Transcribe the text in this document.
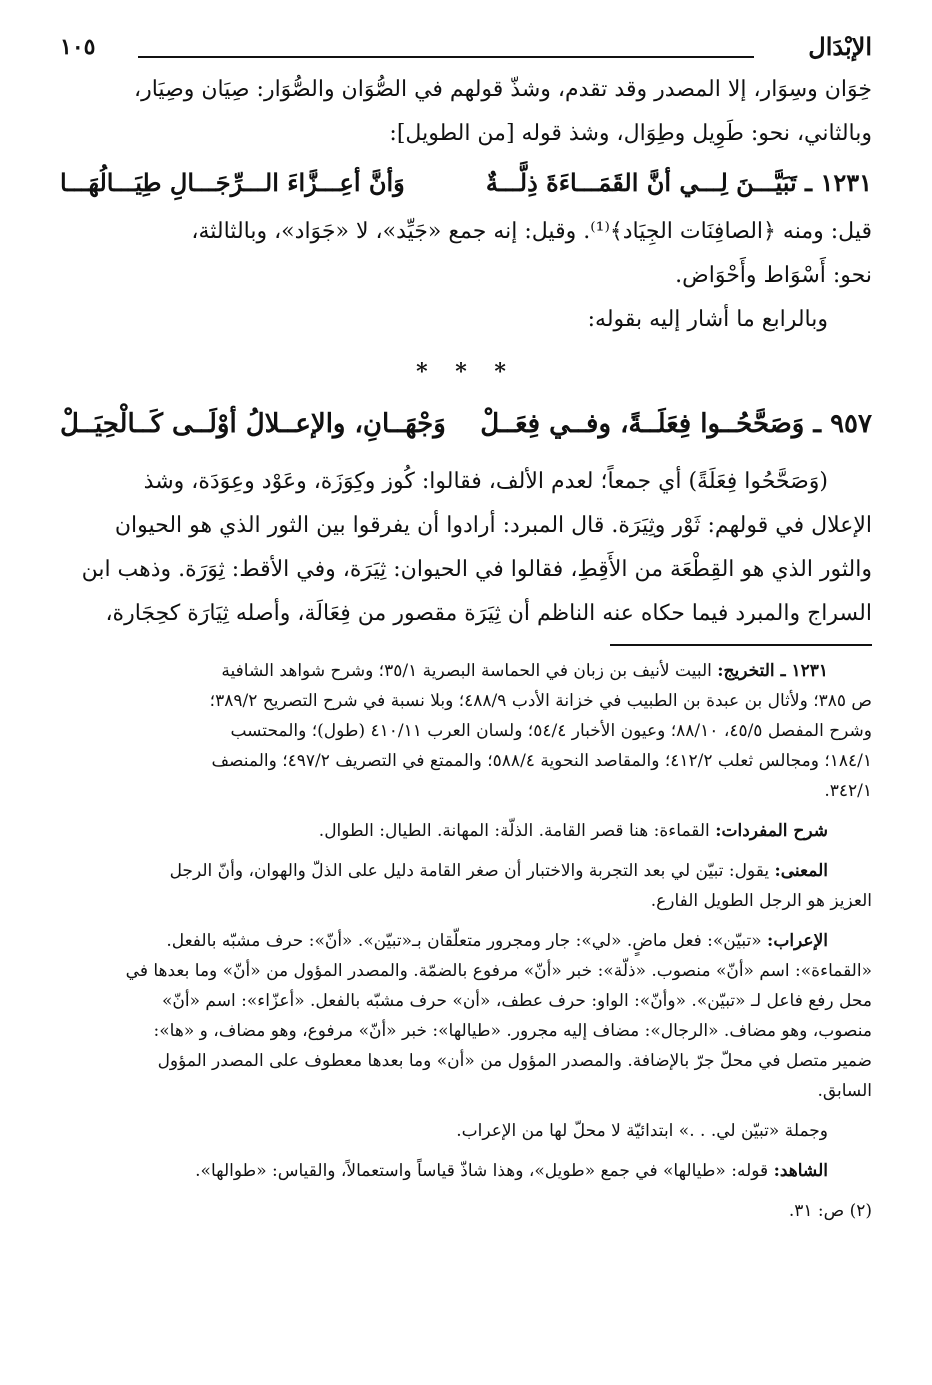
الإبْدَال
١٠٥

خِوَان وسِوَار، إلا المصدر وقد تقدم، وشذّ قولهم في الصُّوَان والصُّوَار: صِيَان وصِيَار،

وبالثاني، نحو: طَوِيل وطِوَال، وشذ قوله [من الطويل]:

١٢٣١ ـ تَبَيَّـــنَ لِـــي أنَّ القَمَـــاءَةَ ذِلَّـــةٌ
وَأنَّ أعِـــزَّاءَ الـــرِّجَـــالِ طِيَـــالُهَـــا

قيل: ومنه ﴿الصافِنَات الجِيَاد﴾⁽¹⁾. وقيل: إنه جمع «جَيِّد»، لا «جَوَاد»، وبالثالثة،

نحو: أَسْوَاط وأَحْوَاض.

وبالرابع ما أشار إليه بقوله:

* * *
٩٥٧ ـ وَصَحَّحُــوا فِعَلَــةً، وفــي فِعَــلْ
وَجْهَــانِ، والإعــلالُ أوْلَــى كَــالْحِيَــلْ

(وَصَحَّحُوا فِعَلَةً) أي جمعاً؛ لعدم الألف، فقالوا: كُوز وكِوَزَة، وعَوْد وعِوَدَة، وشذ

الإعلال في قولهم: ثَوْر وثِيَرَة. قال المبرد: أرادوا أن يفرقوا بين الثور الذي هو الحيوان

والثور الذي هو القِطْعَة من الأَقِطِ، فقالوا في الحيوان: ثِيَرَة، وفي الأقط: ثِوَرَة. وذهب ابن

السراج والمبرد فيما حكاه عنه الناظم أن ثِيَرَة مقصور من فِعَالَة، وأصله ثِيَارَة كحِجَارة،

١٢٣١ ـ التخريج: البيت لأنيف بن زبان في الحماسة البصرية ٣٥/١؛ وشرح شواهد الشافية

ص ٣٨٥؛ ولأثال بن عبدة بن الطبيب في خزانة الأدب ٤٨٨/٩؛ وبلا نسبة في شرح التصريح ٣٨٩/٢؛

وشرح المفصل ٤٥/٥، ٨٨/١٠؛ وعيون الأخبار ٥٤/٤؛ ولسان العرب ٤١٠/١١ (طول)؛ والمحتسب

١٨٤/١؛ ومجالس ثعلب ٤١٢/٢؛ والمقاصد النحوية ٥٨٨/٤؛ والممتع في التصريف ٤٩٧/٢؛ والمنصف

٣٤٢/١.

شرح المفردات: القماءة: هنا قصر القامة. الذلّة: المهانة. الطيال: الطوال.

المعنى: يقول: تبيّن لي بعد التجربة والاختبار أن صغر القامة دليل على الذلّ والهوان، وأنّ الرجل

العزيز هو الرجل الطويل الفارع.

الإعراب: «تبيّن»: فعل ماضٍ. «لي»: جار ومجرور متعلّقان بـ«تبيّن». «أنّ»: حرف مشبّه بالفعل.

«القماءة»: اسم «أنّ» منصوب. «ذلّة»: خبر «أنّ» مرفوع بالضمّة. والمصدر المؤول من «أنّ» وما بعدها في

محل رفع فاعل لـ «تبيّن». «وأنّ»: الواو: حرف عطف، «أن» حرف مشبّه بالفعل. «أعزّاء»: اسم «أنّ»

منصوب، وهو مضاف. «الرجال»: مضاف إليه مجرور. «طيالها»: خبر «أنّ» مرفوع، وهو مضاف، و «ها»:

ضمير متصل في محلّ جرّ بالإضافة. والمصدر المؤول من «أن» وما بعدها معطوف على المصدر المؤول

السابق.

وجملة «تبيّن لي. . .» ابتدائيّة لا محلّ لها من الإعراب.

الشاهد: قوله: «طيالها» في جمع «طويل»، وهذا شاذّ قياساً واستعمالاً، والقياس: «طوالها».

(٢) ص: ٣١.
